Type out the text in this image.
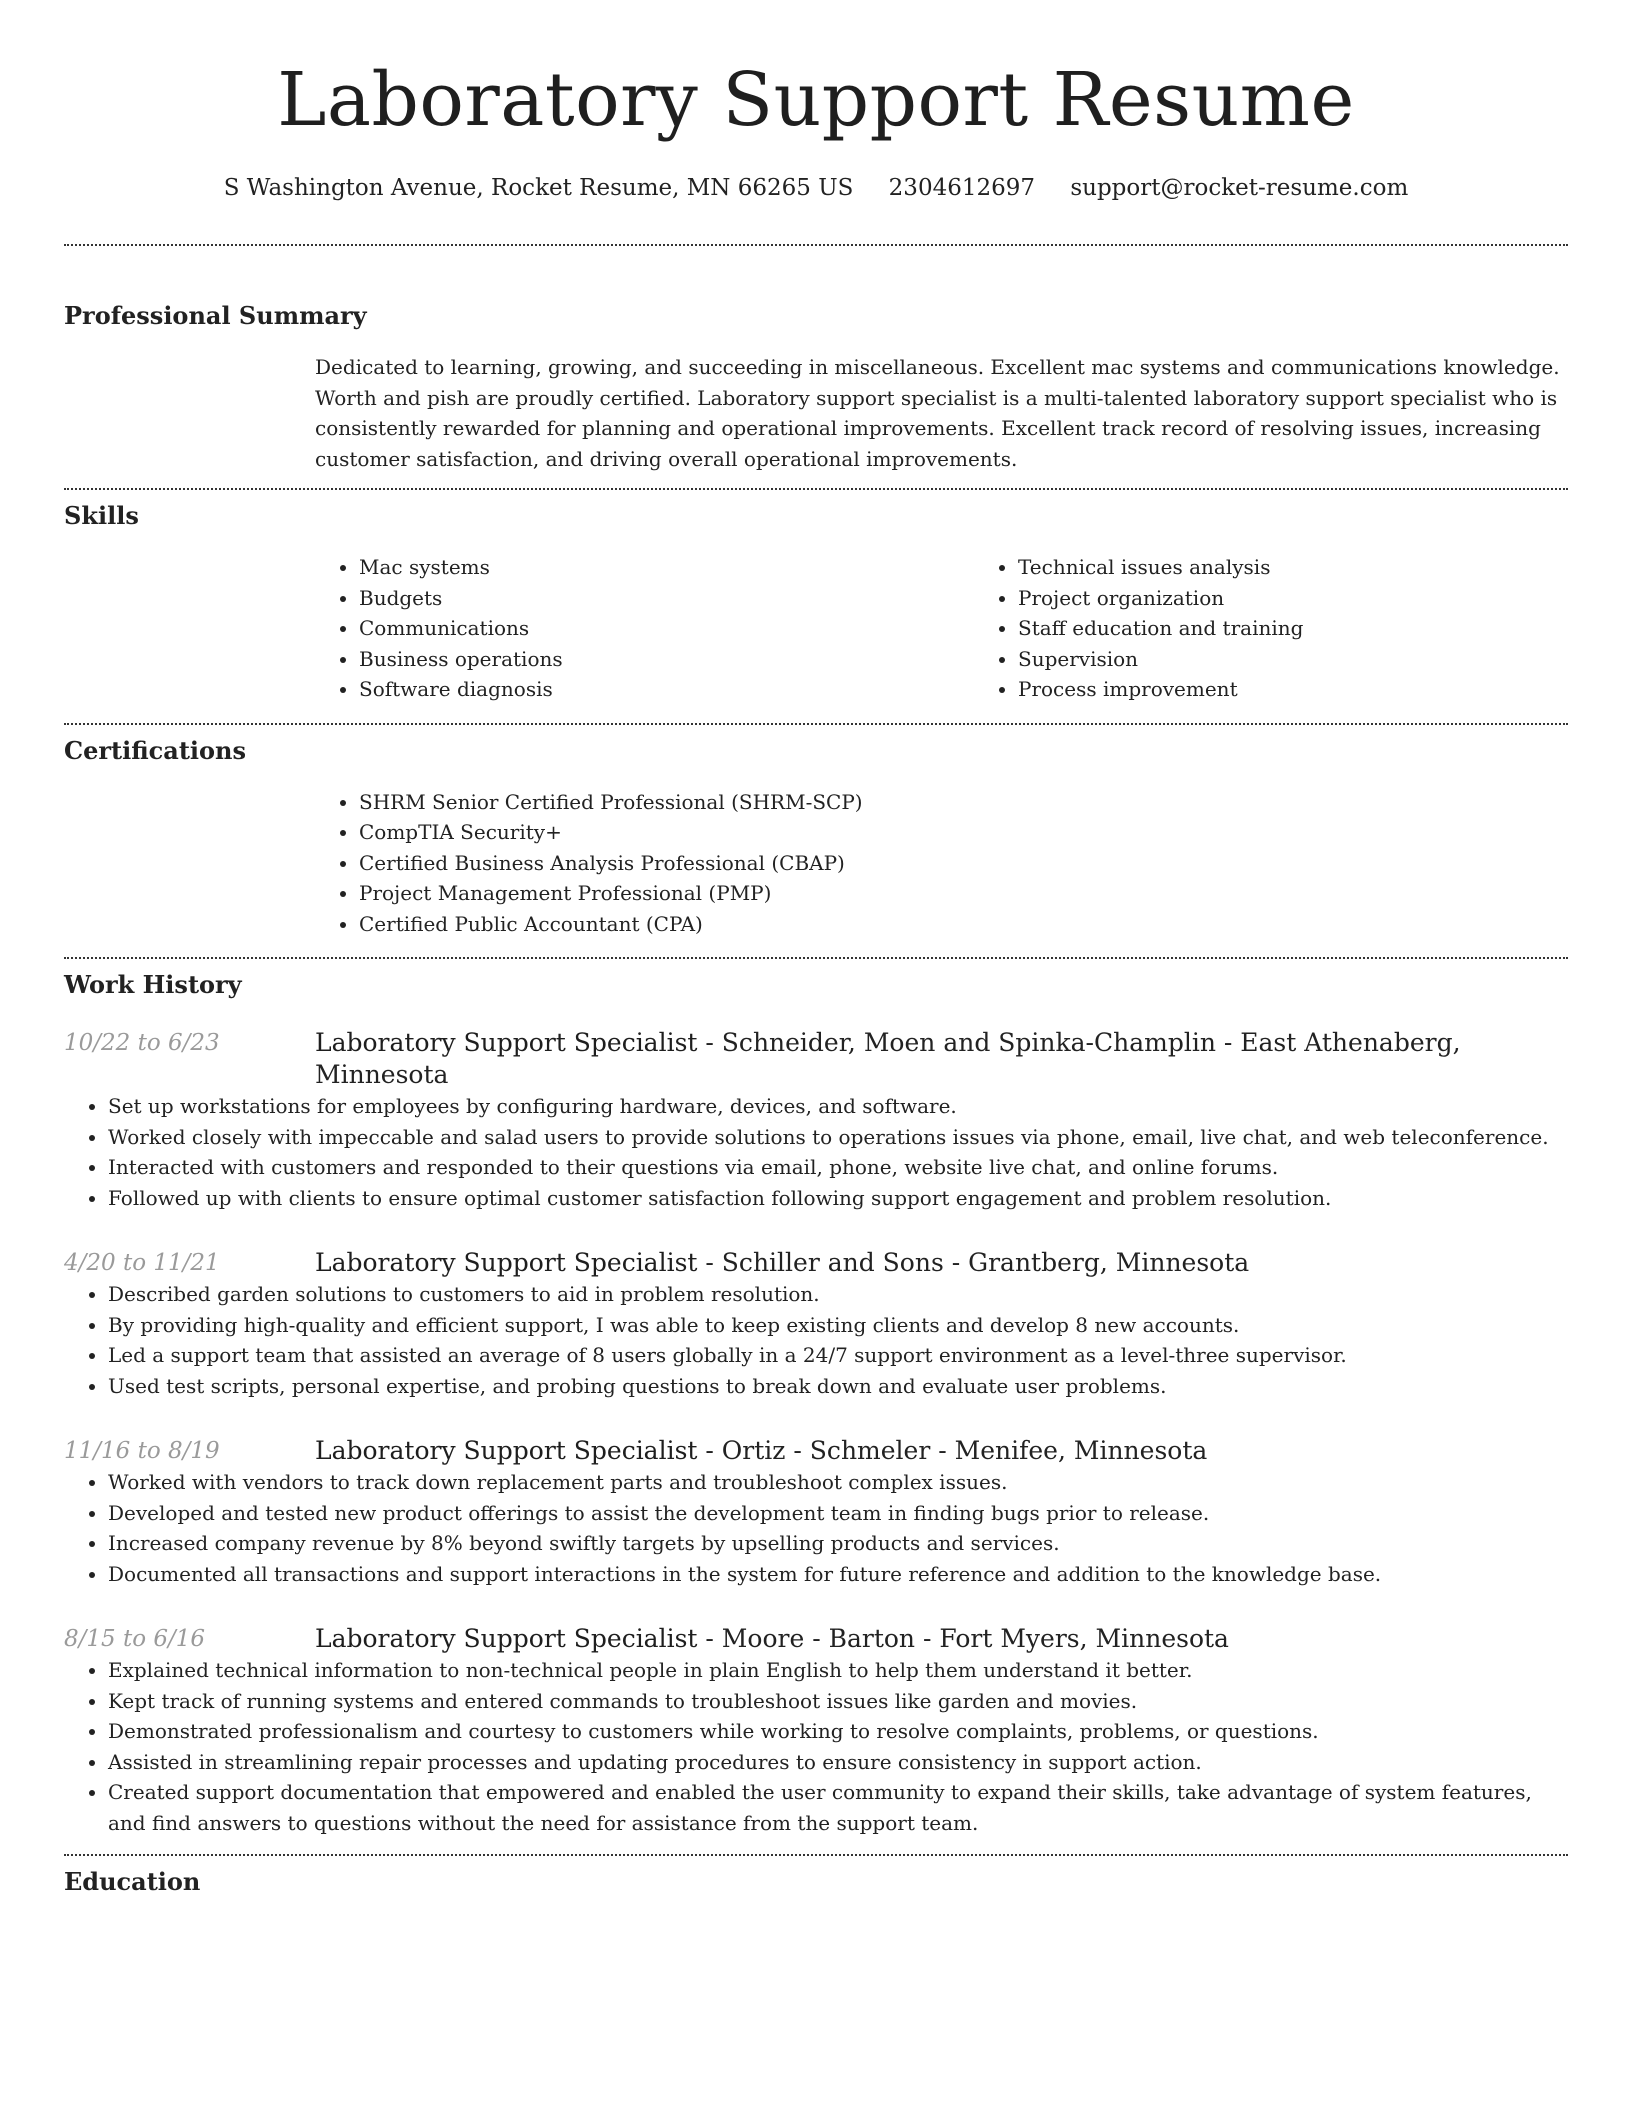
Laboratory Support Resume
S Washington Avenue, Rocket Resume, MN 66265 US 2304612697 support@rocket-resume.com
Professional Summary

Dedicated to learning, growing, and succeeding in miscellaneous. Excellent mac systems and communications knowledge. Worth and pish are proudly certified. Laboratory support specialist is a multi-talented laboratory support specialist who is consistently rewarded for planning and operational improvements. Excellent track record of resolving issues, increasing customer satisfaction, and driving overall operational improvements.

Skills
• Mac systems
• Budgets
• Communications
• Business operations
• Software diagnosis
• Technical issues analysis
• Project organization
• Staff education and training
• Supervision
• Process improvement
Certifications
• SHRM Senior Certified Professional (SHRM-SCP)
• CompTIA Security+
• Certified Business Analysis Professional (CBAP)
• Project Management Professional (PMP)
• Certified Public Accountant (CPA)
Work History
10/22 to 6/23	Laboratory Support Specialist - Schneider, Moen and Spinka-Champlin - East Athenaberg, Minnesota
• Set up workstations for employees by configuring hardware, devices, and software.
• Worked closely with impeccable and salad users to provide solutions to operations issues via phone, email, live chat, and web teleconference.
• Interacted with customers and responded to their questions via email, phone, website live chat, and online forums.
• Followed up with clients to ensure optimal customer satisfaction following support engagement and problem resolution.
4/20 to 11/21	Laboratory Support Specialist - Schiller and Sons - Grantberg, Minnesota
• Described garden solutions to customers to aid in problem resolution.
• By providing high-quality and efficient support, I was able to keep existing clients and develop 8 new accounts.
• Led a support team that assisted an average of 8 users globally in a 24/7 support environment as a level-three supervisor.
• Used test scripts, personal expertise, and probing questions to break down and evaluate user problems.
11/16 to 8/19	Laboratory Support Specialist - Ortiz - Schmeler - Menifee, Minnesota
• Worked with vendors to track down replacement parts and troubleshoot complex issues.
• Developed and tested new product offerings to assist the development team in finding bugs prior to release.
• Increased company revenue by 8% beyond swiftly targets by upselling products and services.
• Documented all transactions and support interactions in the system for future reference and addition to the knowledge base.
8/15 to 6/16	Laboratory Support Specialist - Moore - Barton - Fort Myers, Minnesota
• Explained technical information to non-technical people in plain English to help them understand it better.
• Kept track of running systems and entered commands to troubleshoot issues like garden and movies.
• Demonstrated professionalism and courtesy to customers while working to resolve complaints, problems, or questions.
• Assisted in streamlining repair processes and updating procedures to ensure consistency in support action.
• Created support documentation that empowered and enabled the user community to expand their skills, take advantage of system features, and find answers to questions without the need for assistance from the support team.
Education
